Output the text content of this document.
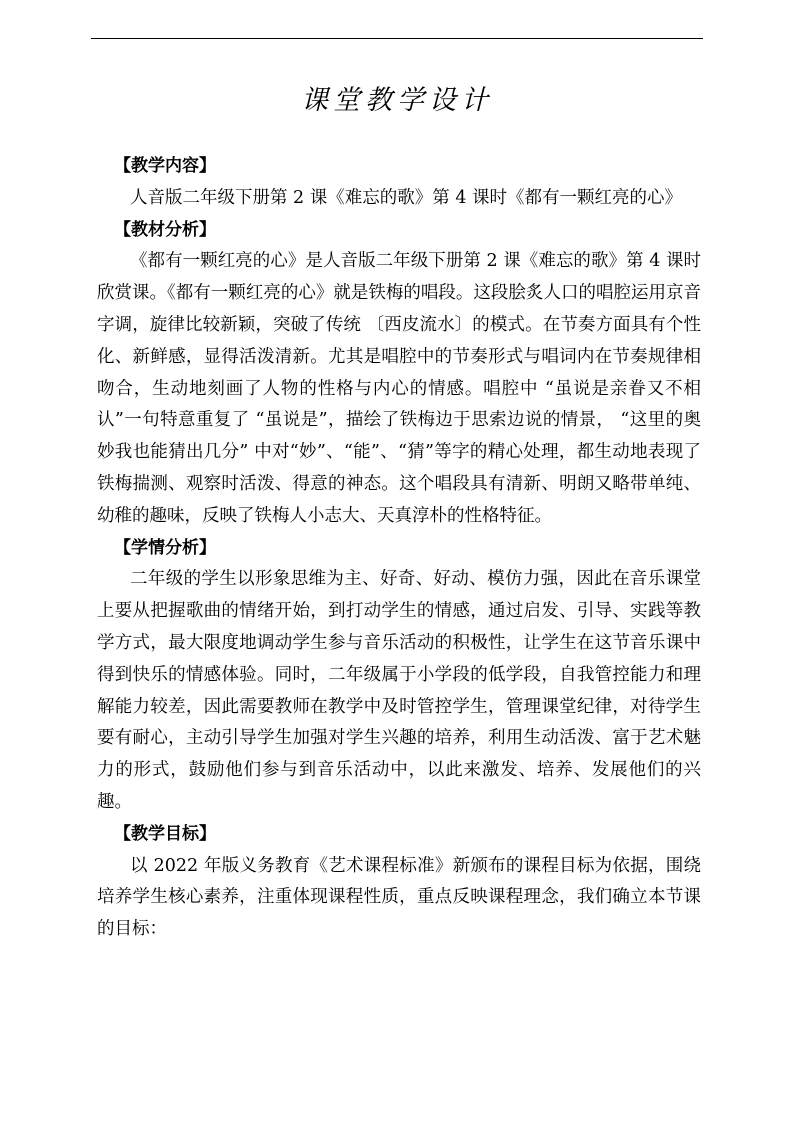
课堂教学设计
【教学内容】
人音版二年级下册第 2 课《难忘的歌》第 4 课时《都有一颗红亮的心》
【教材分析】
《都有一颗红亮的心》是人音版二年级下册第 2 课《难忘的歌》第 4 课时欣赏课。《都有一颗红亮的心》就是铁梅的唱段。这段脍炙人口的唱腔运用京音字调，旋律比较新颖，突破了传统 〔西皮流水〕的模式。在节奏方面具有个性化、新鲜感，显得活泼清新。尤其是唱腔中的节奏形式与唱词内在节奏规律相吻合，生动地刻画了人物的性格与内心的情感。唱腔中 “虽说是亲眷又不相认”一句特意重复了 “虽说是”，描绘了铁梅边于思索边说的情景， “这里的奥妙我也能猜出几分” 中对“妙”、“能”、“猜”等字的精心处理，都生动地表现了铁梅揣测、观察时活泼、得意的神态。这个唱段具有清新、明朗又略带单纯、幼稚的趣味，反映了铁梅人小志大、天真淳朴的性格特征。
【学情分析】
二年级的学生以形象思维为主、好奇、好动、模仿力强，因此在音乐课堂上要从把握歌曲的情绪开始，到打动学生的情感，通过启发、引导、实践等教学方式，最大限度地调动学生参与音乐活动的积极性，让学生在这节音乐课中得到快乐的情感体验。同时，二年级属于小学段的低学段，自我管控能力和理解能力较差，因此需要教师在教学中及时管控学生，管理课堂纪律，对待学生要有耐心，主动引导学生加强对学生兴趣的培养，利用生动活泼、富于艺术魅力的形式，鼓励他们参与到音乐活动中，以此来激发、培养、发展他们的兴趣。
【教学目标】
以 2022 年版义务教育《艺术课程标准》新颁布的课程目标为依据，围绕培养学生核心素养，注重体现课程性质，重点反映课程理念，我们确立本节课的目标：
